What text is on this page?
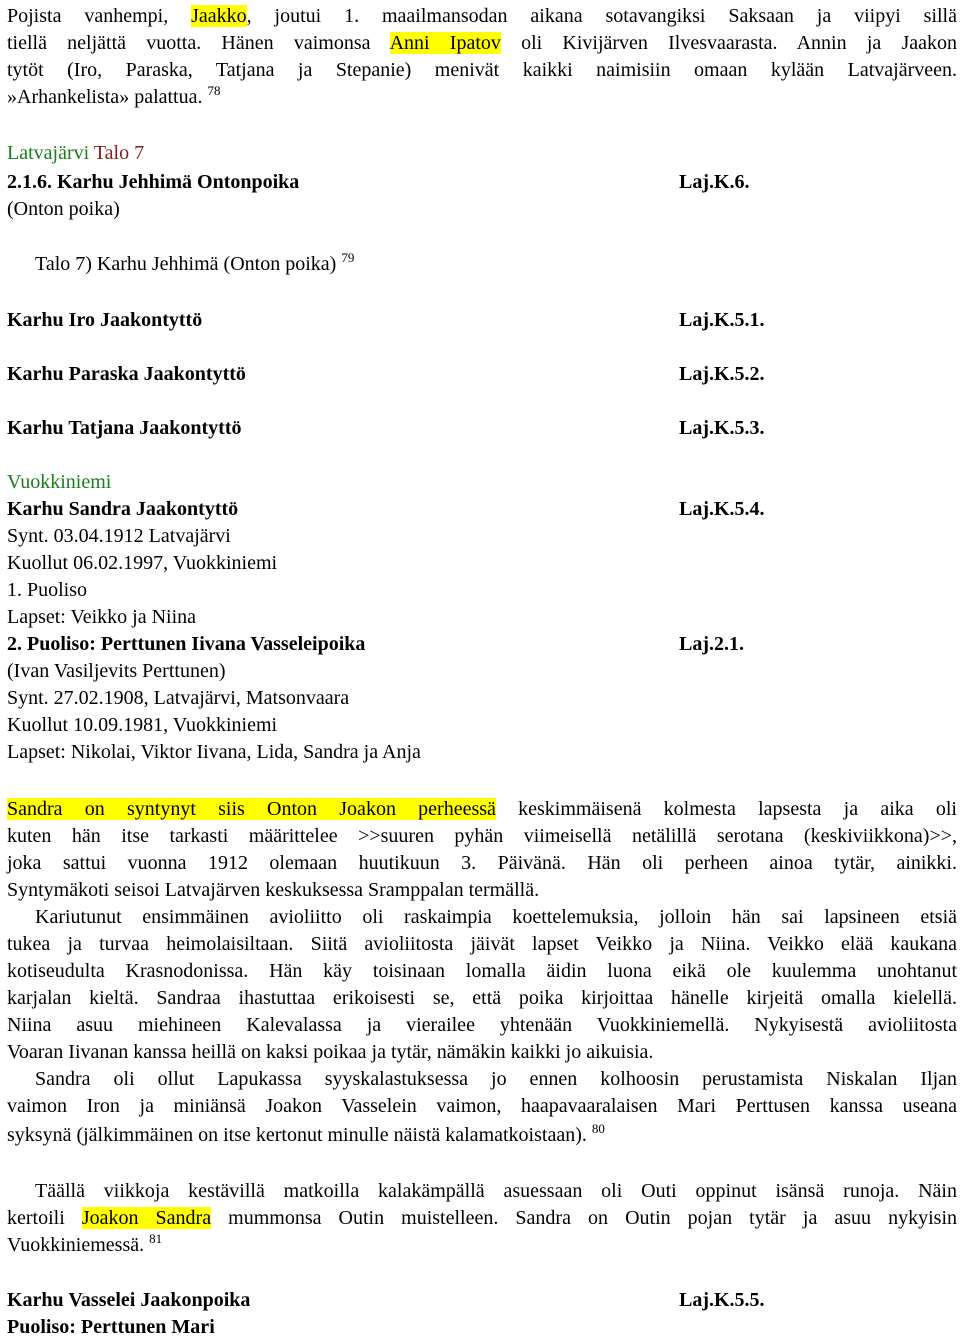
Pojista vanhempi, Jaakko, joutui 1. maailmansodan aikana sotavangiksi Saksaan ja viipyi sillä
tiellä neljättä vuotta. Hänen vaimonsa Anni Ipatov oli Kivijärven Ilvesvaarasta. Annin ja Jaakon
tytöt (Iro, Paraska, Tatjana ja Stepanie) menivät kaikki naimisiin omaan kylään Latvajärveen.
»Arhankelista» palattua. $^{78}$
Latvajärvi Talo 7
2.1.6. Karhu Jehhimä Ontonpoika	Laj.K.6.
(Onton poika)
Talo 7) Karhu Jehhimä (Onton poika) $^{79}$
Karhu Iro Jaakontyttö	Laj.K.5.1.
Karhu Paraska Jaakontyttö	Laj.K.5.2.
Karhu Tatjana Jaakontyttö	Laj.K.5.3.
Vuokkiniemi
Karhu Sandra Jaakontyttö	Laj.K.5.4.
Synt. 03.04.1912 Latvajärvi
Kuollut 06.02.1997, Vuokkiniemi
1. Puoliso
Lapset: Veikko ja Niina
2. Puoliso: Perttunen Iivana Vasseleipoika	Laj.2.1.
(Ivan Vasiljevits Perttunen)
Synt. 27.02.1908, Latvajärvi, Matsonvaara
Kuollut 10.09.1981, Vuokkiniemi
Lapset: Nikolai, Viktor Iivana, Lida, Sandra ja Anja
Sandra on syntynyt siis Onton Joakon perheessä keskimmäisenä kolmesta lapsesta ja aika oli
kuten hän itse tarkasti määrittelee >>suuren pyhän viimeisellä netälillä serotana (keskiviikkona)>>,
joka sattui vuonna 1912 olemaan huutikuun 3. Päivänä. Hän oli perheen ainoa tytär, ainikki.
Syntymäkoti seisoi Latvajärven keskuksessa Sramppalan termällä.
Kariutunut ensimmäinen avioliitto oli raskaimpia koettelemuksia, jolloin hän sai lapsineen etsiä
tukea ja turvaa heimolaisiltaan. Siitä avioliitosta jäivät lapset Veikko ja Niina. Veikko elää kaukana
kotiseudulta Krasnodonissa. Hän käy toisinaan lomalla äidin luona eikä ole kuulemma unohtanut
karjalan kieltä. Sandraa ihastuttaa erikoisesti se, että poika kirjoittaa hänelle kirjeitä omalla kielellä.
Niina asuu miehineen Kalevalassa ja vierailee yhtenään Vuokkiniemellä. Nykyisestä avioliitosta
Voaran Iivanan kanssa heillä on kaksi poikaa ja tytär, nämäkin kaikki jo aikuisia.
Sandra oli ollut Lapukassa syyskalastuksessa jo ennen kolhoosin perustamista Niskalan Iljan
vaimon Iron ja miniänsä Joakon Vasselein vaimon, haapavaaralaisen Mari Perttusen kanssa useana
syksynä (jälkimmäinen on itse kertonut minulle näistä kalamatkoistaan). $^{80}$
Täällä viikkoja kestävillä matkoilla kalakämpällä asuessaan oli Outi oppinut isänsä runoja. Näin
kertoili Joakon Sandra mummonsa Outin muistelleen. Sandra on Outin pojan tytär ja asuu nykyisin
Vuokkiniemessä. $^{81}$
Karhu Vasselei Jaakonpoika	Laj.K.5.5.
Puoliso: Perttunen Mari
